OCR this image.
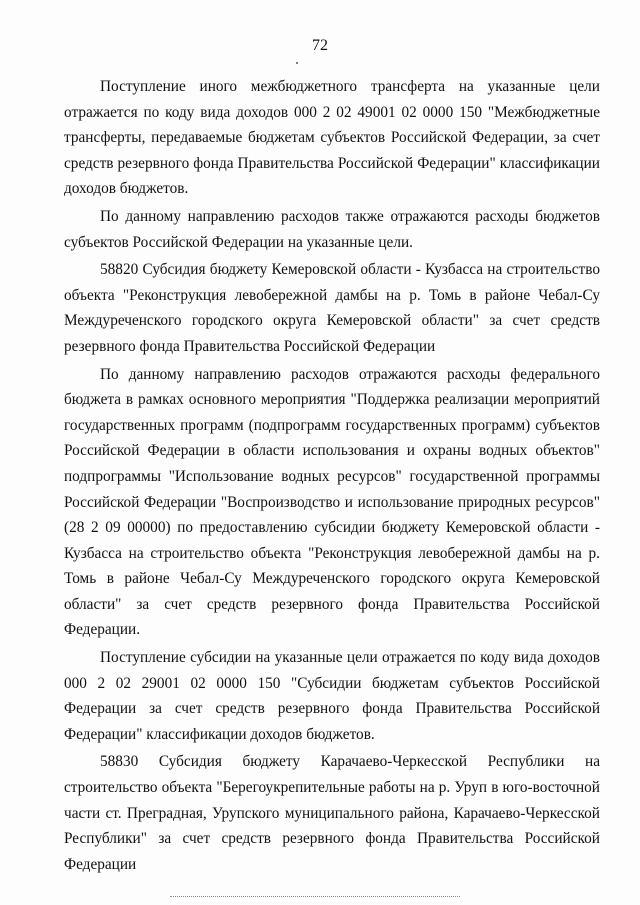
72

Поступление иного межбюджетного трансферта на указанные цели отражается по коду вида доходов 000 2 02 49001 02 0000 150 "Межбюджетные трансферты, передаваемые бюджетам субъектов Российской Федерации, за счет средств резервного фонда Правительства Российской Федерации" классификации доходов бюджетов.

По данному направлению расходов также отражаются расходы бюджетов субъектов Российской Федерации на указанные цели.

58820 Субсидия бюджету Кемеровской области - Кузбасса на строительство объекта "Реконструкция левобережной дамбы на р. Томь в районе Чебал-Су Междуреченского городского округа Кемеровской области" за счет средств резервного фонда Правительства Российской Федерации

По данному направлению расходов отражаются расходы федерального бюджета в рамках основного мероприятия "Поддержка реализации мероприятий государственных программ (подпрограмм государственных программ) субъектов Российской Федерации в области использования и охраны водных объектов" подпрограммы "Использование водных ресурсов" государственной программы Российской Федерации "Воспроизводство и использование природных ресурсов" (28 2 09 00000) по предоставлению субсидии бюджету Кемеровской области - Кузбасса на строительство объекта "Реконструкция левобережной дамбы на р. Томь в районе Чебал-Су Междуреченского городского округа Кемеровской области" за счет средств резервного фонда Правительства Российской Федерации.

Поступление субсидии на указанные цели отражается по коду вида доходов 000 2 02 29001 02 0000 150 "Субсидии бюджетам субъектов Российской Федерации за счет средств резервного фонда Правительства Российской Федерации" классификации доходов бюджетов.

58830 Субсидия бюджету Карачаево-Черкесской Республики на строительство объекта "Берегоукрепительные работы на р. Уруп в юго-восточной части ст. Преградная, Урупского муниципального района, Карачаево-Черкесской Республики" за счет средств резервного фонда Правительства Российской Федерации
